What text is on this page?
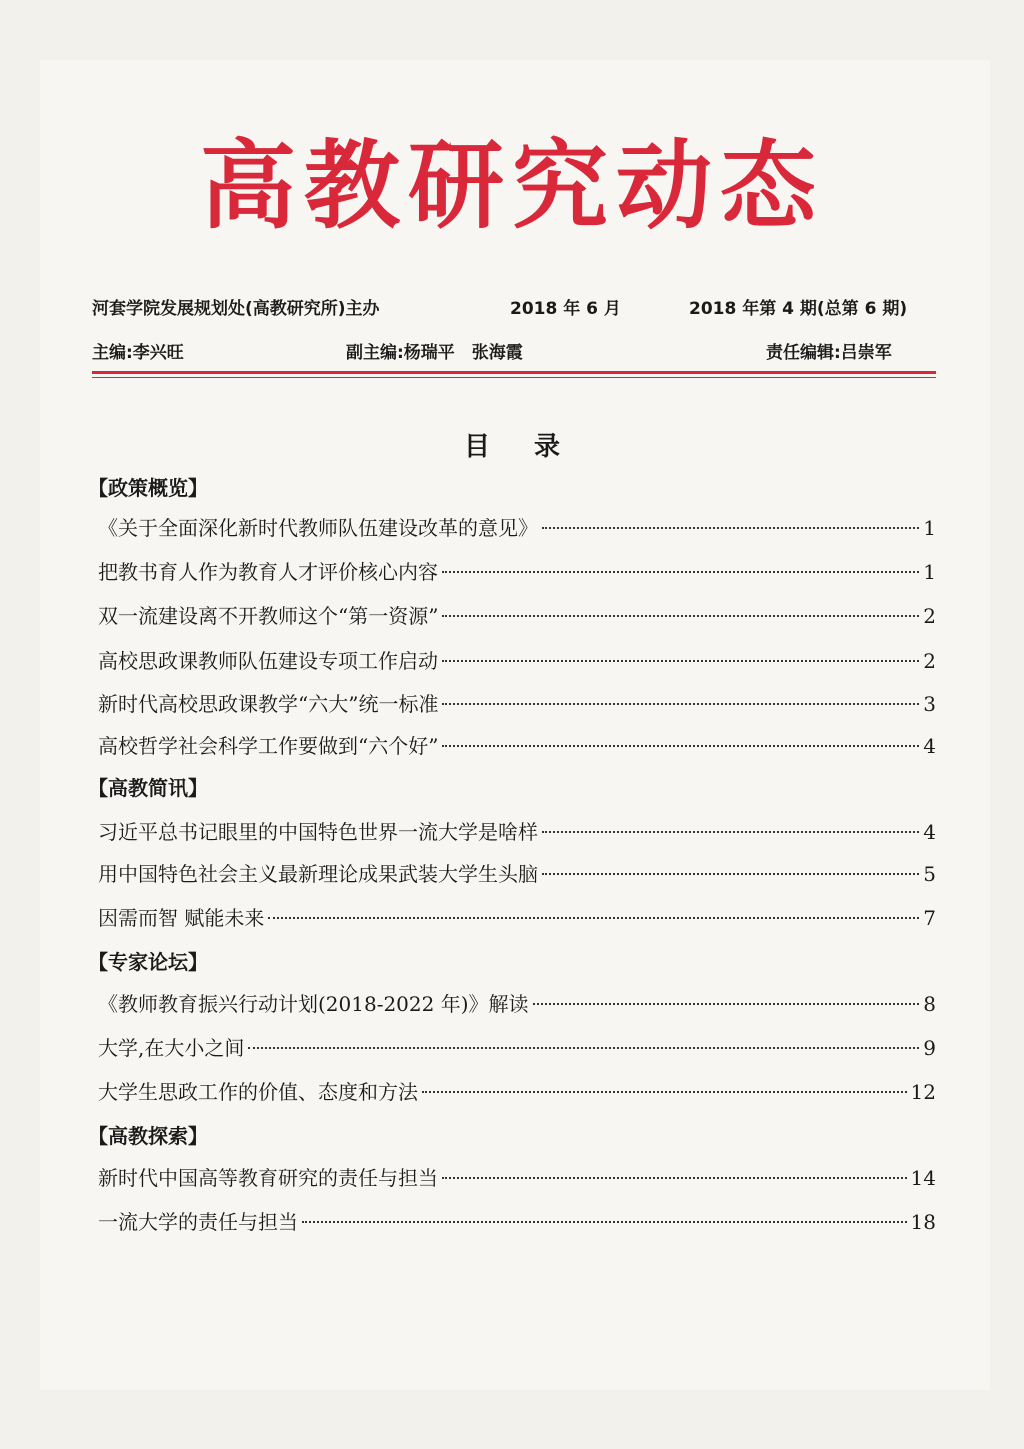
高教研究动态
河套学院发展规划处(高教研究所)主办	2018 年 6 月	2018 年第 4 期(总第 6 期)
主编:李兴旺	副主编:杨瑞平　张海霞	责任编辑:吕崇军
目录
【政策概览】
《关于全面深化新时代教师队伍建设改革的意见》	1
把教书育人作为教育人才评价核心内容	1
双一流建设离不开教师这个“第一资源”	2
高校思政课教师队伍建设专项工作启动	2
新时代高校思政课教学“六大”统一标准	3
高校哲学社会科学工作要做到“六个好”	4
【高教简讯】
习近平总书记眼里的中国特色世界一流大学是啥样	4
用中国特色社会主义最新理论成果武装大学生头脑	5
因需而智 赋能未来	7
【专家论坛】
《教师教育振兴行动计划(2018-2022 年)》解读	8
大学,在大小之间	9
大学生思政工作的价值、态度和方法	12
【高教探索】
新时代中国高等教育研究的责任与担当	14
一流大学的责任与担当	18
